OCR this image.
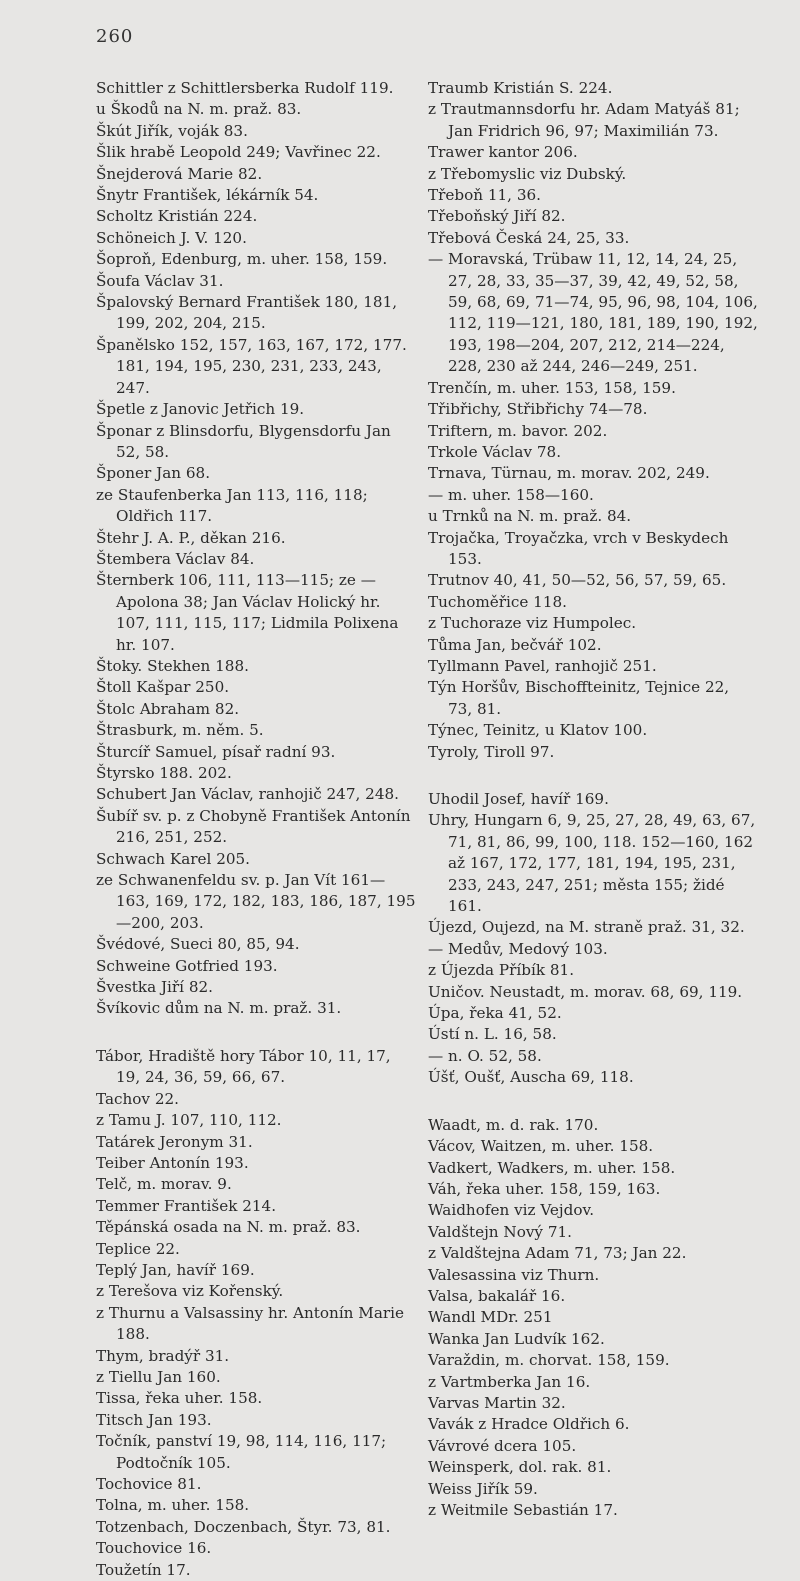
260

Schittler z Schittlersberka Rudolf 119.

u Škodů na N. m. praž. 83.

Škút Jiřík, voják 83.

Šlik hrabě Leopold 249; Vavřinec 22.

Šnejderová Marie 82.

Šnytr František, lékárník 54.

Scholtz Kristián 224.

Schöneich J. V. 120.

Šoproň, Edenburg, m. uher. 158, 159.

Šoufa Václav 31.

Špalovský Bernard František 180, 181, 199, 202, 204, 215.

Španělsko 152, 157, 163, 167, 172, 177. 181, 194, 195, 230, 231, 233, 243, 247.

Špetle z Janovic Jetřich 19.

Šponar z Blinsdorfu, Blygensdorfu Jan 52, 58.

Šponer Jan 68.

ze Staufenberka Jan 113, 116, 118; Oldřich 117.

Štehr J. A. P., děkan 216.

Štembera Václav 84.

Šternberk 106, 111, 113—115; ze — Apolona 38; Jan Václav Holický hr. 107, 111, 115, 117; Lidmila Polixena hr. 107.

Štoky. Stekhen 188.

Štoll Kašpar 250.

Štolc Abraham 82.

Štrasburk, m. něm. 5.

Šturcíř Samuel, písař radní 93.

Štyrsko 188. 202.

Schubert Jan Václav, ranhojič 247, 248.

Šubíř sv. p. z Chobyně František Antonín 216, 251, 252.

Schwach Karel 205.

ze Schwanenfeldu sv. p. Jan Vít 161—163, 169, 172, 182, 183, 186, 187, 195—200, 203.

Švédové, Sueci 80, 85, 94.

Schweine Gotfried 193.

Švestka Jiří 82.

Švíkovic dům na N. m. praž. 31.

Tábor, Hradiště hory Tábor 10, 11, 17, 19, 24, 36, 59, 66, 67.

Tachov 22.

z Tamu J. 107, 110, 112.

Tatárek Jeronym 31.

Teiber Antonín 193.

Telč, m. morav. 9.

Temmer František 214.

Těpánská osada na N. m. praž. 83.

Teplice 22.

Teplý Jan, havíř 169.

z Terešova viz Kořenský.

z Thurnu a Valsassiny hr. Antonín Marie 188.

Thym, bradýř 31.

z Tiellu Jan 160.

Tissa, řeka uher. 158.

Titsch Jan 193.

Točník, panství 19, 98, 114, 116, 117; Podtočník 105.

Tochovice 81.

Tolna, m. uher. 158.

Totzenbach, Doczenbach, Štyr. 73, 81.

Touchovice 16.

Toužetín 17.

Traumb Kristián S. 224.

z Trautmannsdorfu hr. Adam Matyáš 81; Jan Fridrich 96, 97; Maximilián 73.

Trawer kantor 206.

z Třebomyslic viz Dubský.

Třeboň 11, 36.

Třeboňský Jiří 82.

Třebová Česká 24, 25, 33.

— Moravská, Trübaw 11, 12, 14, 24, 25, 27, 28, 33, 35—37, 39, 42, 49, 52, 58, 59, 68, 69, 71—74, 95, 96, 98, 104, 106, 112, 119—121, 180, 181, 189, 190, 192, 193, 198—204, 207, 212, 214—224, 228, 230 až 244, 246—249, 251.

Trenčín, m. uher. 153, 158, 159.

Třibřichy, Střibřichy 74—78.

Triftern, m. bavor. 202.

Trkole Václav 78.

Trnava, Türnau, m. morav. 202, 249.

— m. uher. 158—160.

u Trnků na N. m. praž. 84.

Trojačka, Troyačzka, vrch v Beskydech 153.

Trutnov 40, 41, 50—52, 56, 57, 59, 65.

Tuchoměřice 118.

z Tuchoraze viz Humpolec.

Tůma Jan, bečvář 102.

Tyllmann Pavel, ranhojič 251.

Týn Horšův, Bischoffteinitz, Tejnice 22, 73, 81.

Týnec, Teinitz, u Klatov 100.

Tyroly, Tiroll 97.

Uhodil Josef, havíř 169.

Uhry, Hungarn 6, 9, 25, 27, 28, 49, 63, 67, 71, 81, 86, 99, 100, 118. 152—160, 162 až 167, 172, 177, 181, 194, 195, 231, 233, 243, 247, 251; města 155; židé 161.

Újezd, Oujezd, na M. straně praž. 31, 32.

— Medův, Medový 103.

z Újezda Příbík 81.

Uničov. Neustadt, m. morav. 68, 69, 119.

Úpa, řeka 41, 52.

Ústí n. L. 16, 58.

— n. O. 52, 58.

Úšť, Oušť, Auscha 69, 118.

Waadt, m. d. rak. 170.

Vácov, Waitzen, m. uher. 158.

Vadkert, Wadkers, m. uher. 158.

Váh, řeka uher. 158, 159, 163.

Waidhofen viz Vejdov.

Valdštejn Nový 71.

z Valdštejna Adam 71, 73; Jan 22.

Valesassina viz Thurn.

Valsa, bakalář 16.

Wandl MDr. 251

Wanka Jan Ludvík 162.

Varaždin, m. chorvat. 158, 159.

z Vartmberka Jan 16.

Varvas Martin 32.

Vavák z Hradce Oldřich 6.

Vávrové dcera 105.

Weinsperk, dol. rak. 81.

Weiss Jiřík 59.

z Weitmile Sebastián 17.
